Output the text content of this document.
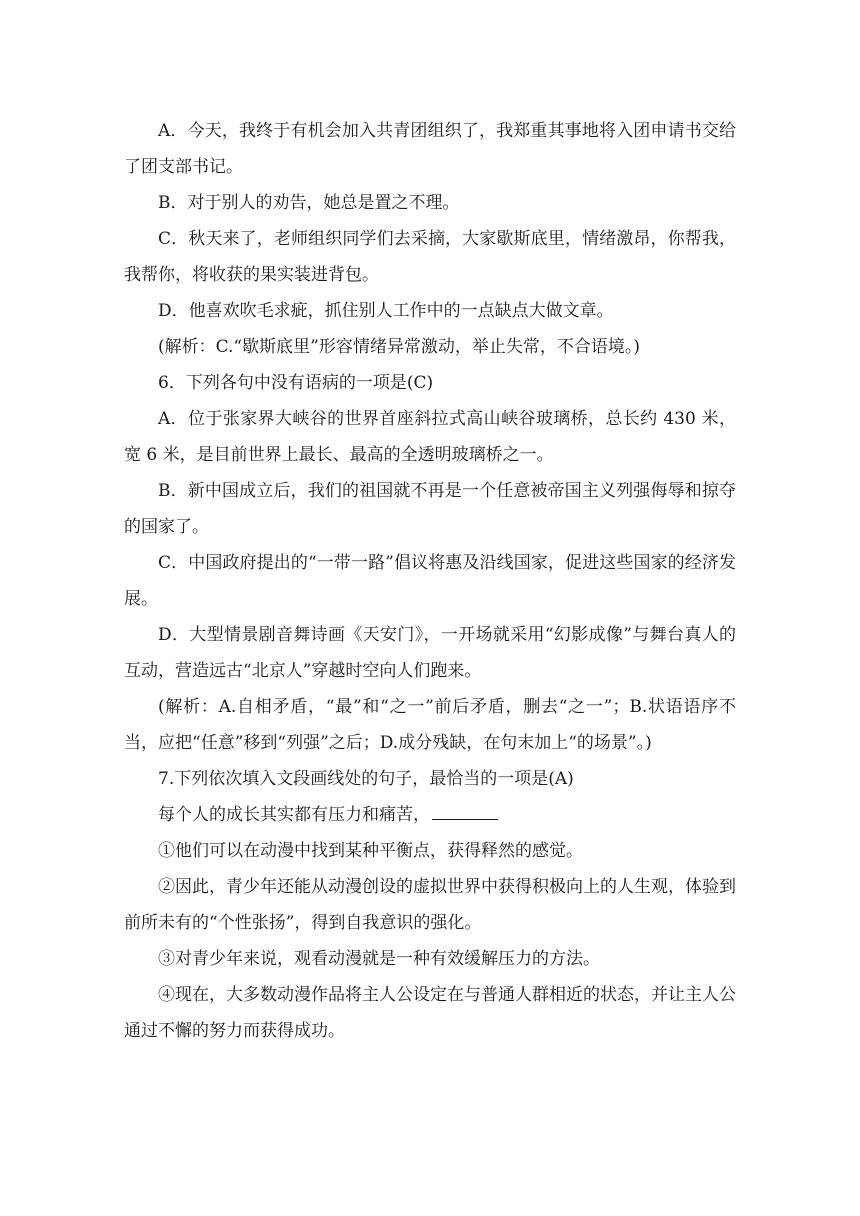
A．今天，我终于有机会加入共青团组织了，我郑重其事地将入团申请书交给了团支部书记。

B．对于别人的劝告，她总是置之不理。

C．秋天来了，老师组织同学们去采摘，大家歇斯底里，情绪激昂，你帮我，我帮你，将收获的果实装进背包。

D．他喜欢吹毛求疵，抓住别人工作中的一点缺点大做文章。

(解析：C.“歇斯底里”形容情绪异常激动，举止失常，不合语境。)

6．下列各句中没有语病的一项是(C)

A．位于张家界大峡谷的世界首座斜拉式高山峡谷玻璃桥，总长约 430 米，宽 6 米，是目前世界上最长、最高的全透明玻璃桥之一。

B．新中国成立后，我们的祖国就不再是一个任意被帝国主义列强侮辱和掠夺的国家了。

C．中国政府提出的“一带一路”倡议将惠及沿线国家，促进这些国家的经济发展。

D．大型情景剧音舞诗画《天安门》，一开场就采用“幻影成像”与舞台真人的互动，营造远古“北京人”穿越时空向人们跑来。

(解析：A.自相矛盾，“最”和“之一”前后矛盾，删去“之一”；B.状语语序不当，应把“任意”移到“列强”之后；D.成分残缺，在句末加上“的场景”。)

7.下列依次填入文段画线处的句子，最恰当的一项是(A)

每个人的成长其实都有压力和痛苦，

①他们可以在动漫中找到某种平衡点，获得释然的感觉。

②因此，青少年还能从动漫创设的虚拟世界中获得积极向上的人生观，体验到前所未有的“个性张扬”，得到自我意识的强化。

③对青少年来说，观看动漫就是一种有效缓解压力的方法。

④现在，大多数动漫作品将主人公设定在与普通人群相近的状态，并让主人公通过不懈的努力而获得成功。
